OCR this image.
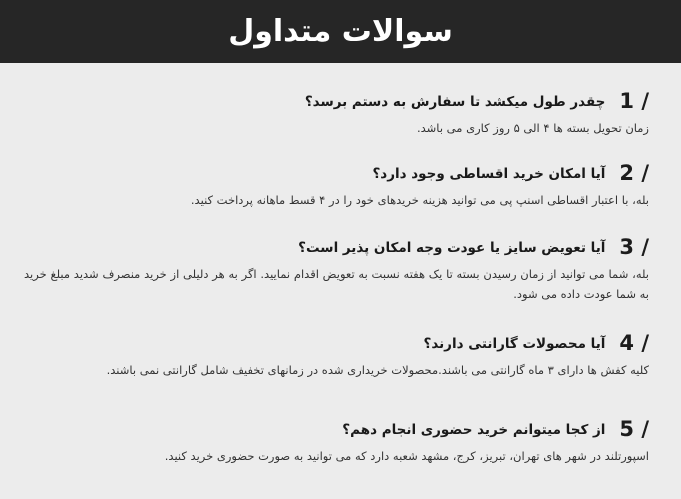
سوالات متداول
1 /
چقدر طول میکشد تا سفارش به دستم برسد؟
زمان تحویل بسته ها ۴ الی ۵ روز کاری می باشد.
2 /
آیا امکان خرید اقساطی وجود دارد؟
بله، با اعتبار اقساطی اسنپ پی می توانید هزینه خریدهای خود را در ۴ قسط ماهانه پرداخت کنید.
3 /
آیا تعویض سایز یا عودت وجه امکان پذیر است؟
بله، شما می توانید از زمان رسیدن بسته تا یک هفته نسبت به تعویض اقدام نمایید. اگر به هر دلیلی از خرید منصرف شدید مبلغ خرید به شما عودت داده می شود.
4 /
آیا محصولات گارانتی دارند؟
کلیه کفش ها دارای ۳ ماه گارانتی می باشند.محصولات خریداری شده در زمانهای تخفیف شامل گارانتی نمی باشند.
5 /
از کجا میتوانم خرید حضوری انجام دهم؟
اسپورتلند در شهر های تهران، تبریز، کرج، مشهد شعبه دارد که می توانید به صورت حضوری خرید کنید.
